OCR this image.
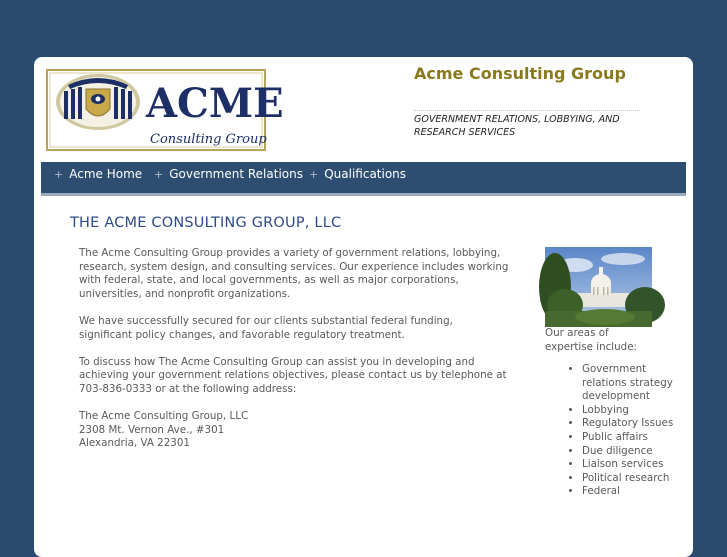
ACME
Consulting Group
Acme Consulting Group
GOVERNMENT RELATIONS, LOBBYING, AND RESEARCH SERVICES
+ Acme Home + Government Relations + Qualifications
THE ACME CONSULTING GROUP, LLC

The Acme Consulting Group provides a variety of government relations, lobbying, research, system design, and consulting services. Our experience includes working with federal, state, and local governments, as well as major corporations, universities, and nonprofit organizations.

We have successfully secured for our clients substantial federal funding, significant policy changes, and favorable regulatory treatment.

To discuss how The Acme Consulting Group can assist you in developing and achieving your government relations objectives, please contact us by telephone at 703-836-0333 or at the following address:

The Acme Consulting Group, LLC
2308 Mt. Vernon Ave., #301
Alexandria, VA 22301
Our areas of expertise include:
• Government relations strategy development
• Lobbying
• Regulatory Issues
• Public affairs
• Due diligence
• Liaison services
• Political research
• Federal
